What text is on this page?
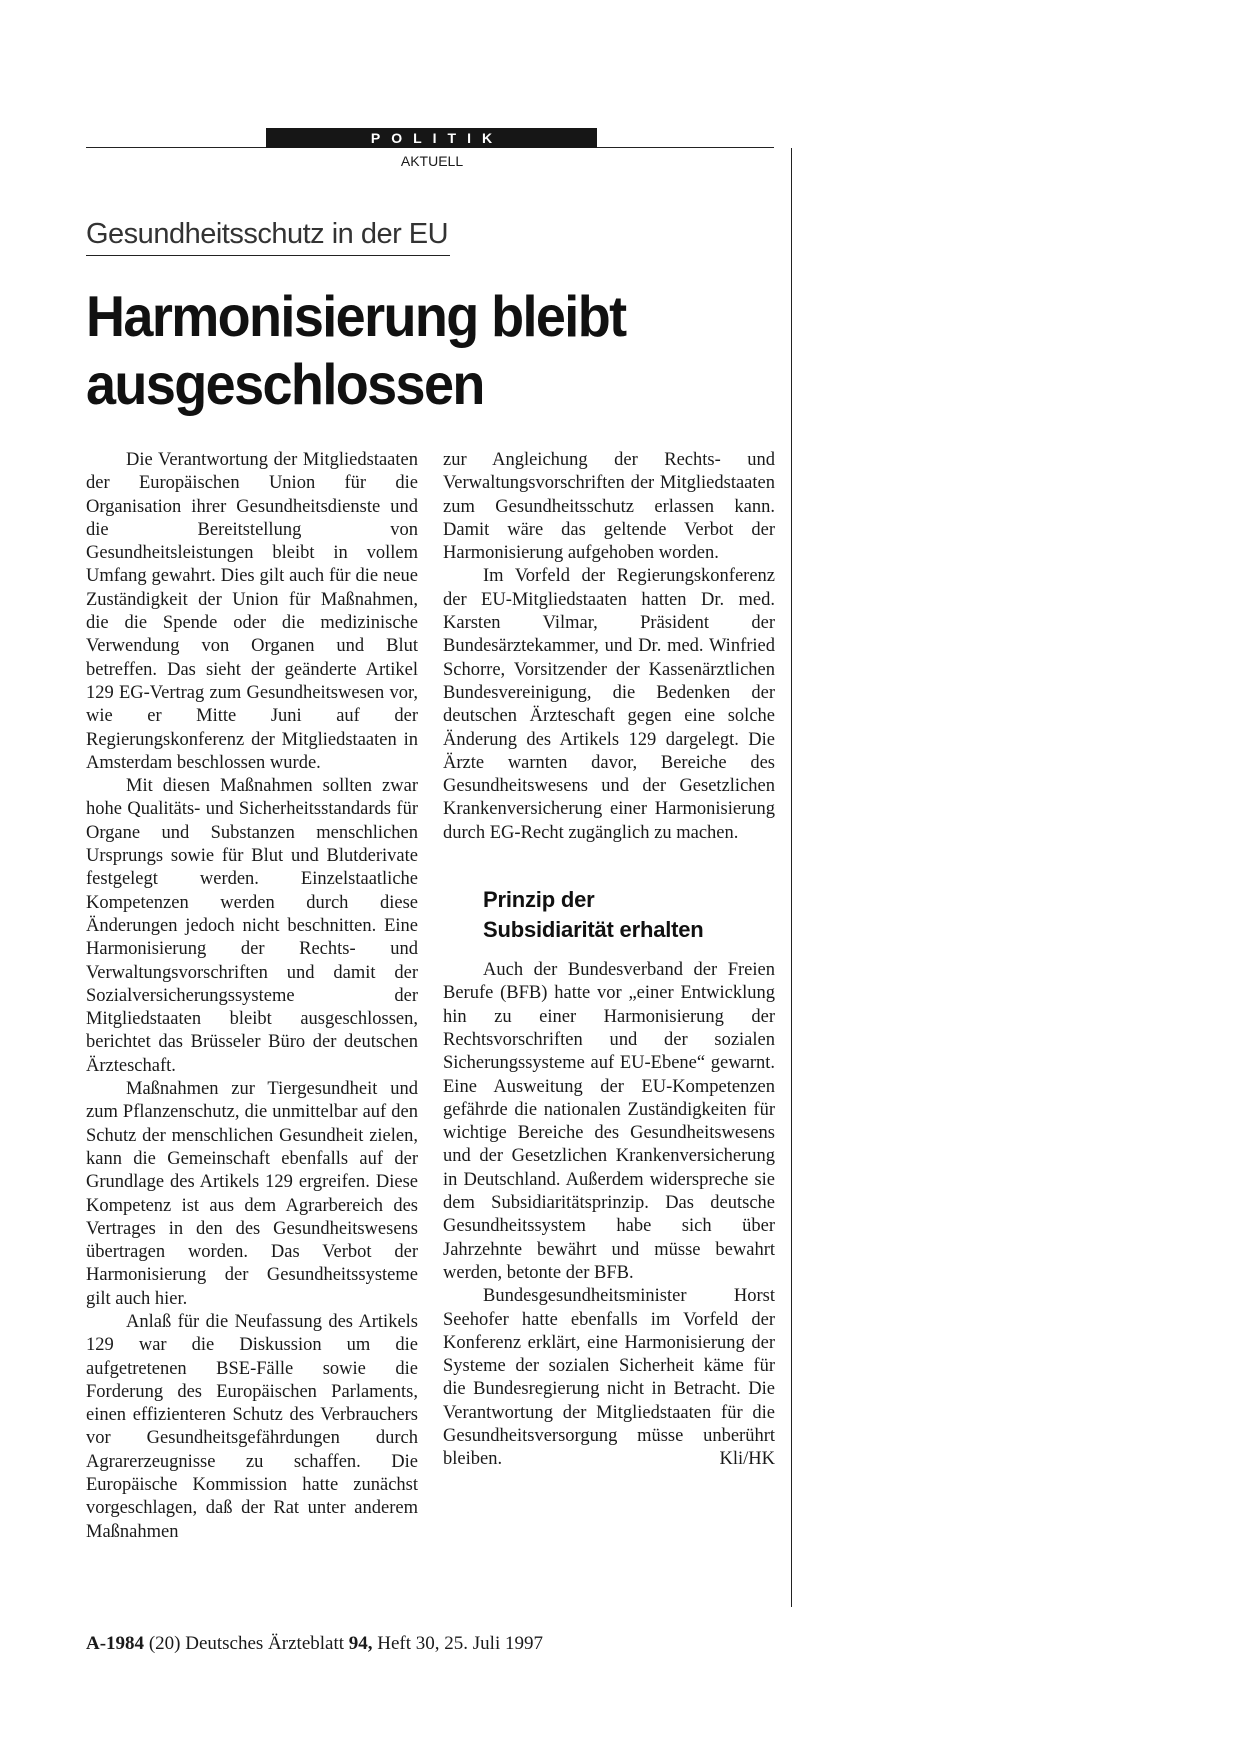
POLITIK
AKTUELL
Gesundheitsschutz in der EU
Harmonisierung bleibt
ausgeschlossen

Die Verantwortung der Mitgliedstaaten der Europäischen Union für die Organisation ihrer Gesundheitsdienste und die Bereitstellung von Gesundheitsleistungen bleibt in vollem Umfang gewahrt. Dies gilt auch für die neue Zuständigkeit der Union für Maßnahmen, die die Spende oder die medizinische Verwendung von Organen und Blut betreffen. Das sieht der geänderte Artikel 129 EG-Vertrag zum Gesundheitswesen vor, wie er Mitte Juni auf der Regierungskonferenz der Mitgliedstaaten in Amsterdam beschlossen wurde.

Mit diesen Maßnahmen sollten zwar hohe Qualitäts- und Sicherheitsstandards für Organe und Substanzen menschlichen Ursprungs sowie für Blut und Blutderivate festgelegt werden. Einzelstaatliche Kompetenzen werden durch diese Änderungen jedoch nicht beschnitten. Eine Harmonisierung der Rechts- und Verwaltungsvorschriften und damit der Sozialversicherungssysteme der Mitgliedstaaten bleibt ausgeschlossen, berichtet das Brüsseler Büro der deutschen Ärzteschaft.

Maßnahmen zur Tiergesundheit und zum Pflanzenschutz, die unmittelbar auf den Schutz der menschlichen Gesundheit zielen, kann die Gemeinschaft ebenfalls auf der Grundlage des Artikels 129 ergreifen. Diese Kompetenz ist aus dem Agrarbereich des Vertrages in den des Gesundheitswesens übertragen worden. Das Verbot der Harmonisierung der Gesundheitssysteme gilt auch hier.

Anlaß für die Neufassung des Artikels 129 war die Diskussion um die aufgetretenen BSE-Fälle sowie die Forderung des Europäischen Parlaments, einen effizienteren Schutz des Verbrauchers vor Gesundheitsgefährdungen durch Agrarerzeugnisse zu schaffen. Die Europäische Kommission hatte zunächst vorgeschlagen, daß der Rat unter anderem Maßnahmen

zur Angleichung der Rechts- und Verwaltungsvorschriften der Mitgliedstaaten zum Gesundheitsschutz erlassen kann. Damit wäre das geltende Verbot der Harmonisierung aufgehoben worden.

Im Vorfeld der Regierungskonferenz der EU-Mitgliedstaaten hatten Dr. med. Karsten Vilmar, Präsident der Bundesärztekammer, und Dr. med. Winfried Schorre, Vorsitzender der Kassenärztlichen Bundesvereinigung, die Bedenken der deutschen Ärzteschaft gegen eine solche Änderung des Artikels 129 dargelegt. Die Ärzte warnten davor, Bereiche des Gesundheitswesens und der Gesetzlichen Krankenversicherung einer Harmonisierung durch EG-Recht zugänglich zu machen.

Prinzip der
Subsidiarität erhalten

Auch der Bundesverband der Freien Berufe (BFB) hatte vor „einer Entwicklung hin zu einer Harmonisierung der Rechtsvorschriften und der sozialen Sicherungssysteme auf EU-Ebene“ gewarnt. Eine Ausweitung der EU-Kompetenzen gefährde die nationalen Zuständigkeiten für wichtige Bereiche des Gesundheitswesens und der Gesetzlichen Krankenversicherung in Deutschland. Außerdem widerspreche sie dem Subsidiaritätsprinzip. Das deutsche Gesundheitssystem habe sich über Jahrzehnte bewährt und müsse bewahrt werden, betonte der BFB.

Bundesgesundheitsminister Horst Seehofer hatte ebenfalls im Vorfeld der Konferenz erklärt, eine Harmonisierung der Systeme der sozialen Sicherheit käme für die Bundesregierung nicht in Betracht. Die Verantwortung der Mitgliedstaaten für die Gesundheitsversorgung müsse unberührt bleiben.	Kli/HK

A-1984 (20) Deutsches Ärzteblatt 94, Heft 30, 25. Juli 1997
